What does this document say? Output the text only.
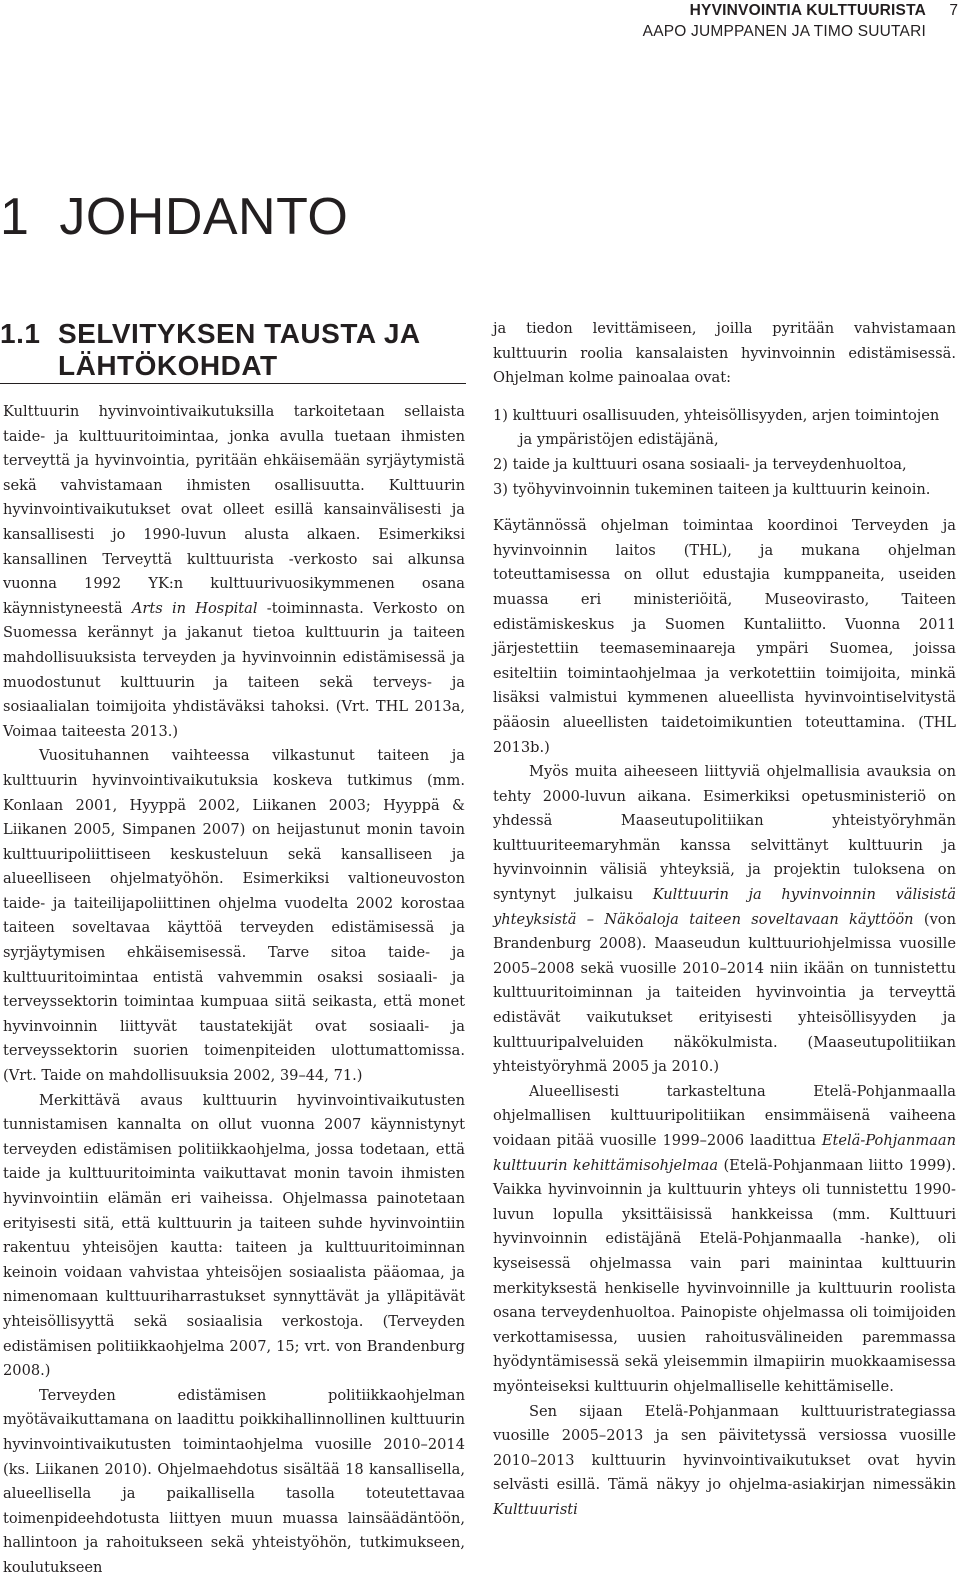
HYVINVOINTIA KULTTUURISTA
AAPO JUMPPANEN JA TIMO SUUTARI
7
1  JOHDANTO
1.1 SELVITYKSEN TAUSTA JA
LÄHTÖKOHDAT

Kulttuurin hyvinvointivaikutuksilla tarkoitetaan sellaista taide- ja kulttuuritoimintaa, jonka avulla tuetaan ihmisten terveyttä ja hyvinvointia, pyritään ehkäisemään syrjäytymistä sekä vahvistamaan ihmisten osallisuutta. Kulttuurin hyvinvointivaikutukset ovat olleet esillä kansainvälisesti ja kansallisesti jo 1990-luvun alusta alkaen. Esimerkiksi kansallinen Terveyttä kulttuurista -verkosto sai alkunsa vuonna 1992 YK:n kulttuurivuosikymmenen osana käynnistyneestä Arts in Hospital -toiminnasta. Verkosto on Suomessa kerännyt ja jakanut tietoa kulttuurin ja taiteen mahdollisuuksista terveyden ja hyvinvoinnin edistämisessä ja muodostunut kulttuurin ja taiteen sekä terveys- ja sosiaalialan toimijoita yhdistäväksi tahoksi. (Vrt. THL 2013a, Voimaa taiteesta 2013.)

Vuosituhannen vaihteessa vilkastunut taiteen ja kulttuurin hyvinvointivaikutuksia koskeva tutkimus (mm. Konlaan 2001, Hyyppä 2002, Liikanen 2003; Hyyppä & Liikanen 2005, Simpanen 2007) on heijastunut monin tavoin kulttuuripoliittiseen keskusteluun sekä kansalliseen ja alueelliseen ohjelmatyöhön. Esimerkiksi valtioneuvoston taide- ja taiteilijapoliittinen ohjelma vuodelta 2002 korostaa taiteen soveltavaa käyttöä terveyden edistämisessä ja syrjäytymisen ehkäisemisessä. Tarve sitoa taide- ja kulttuuritoimintaa entistä vahvemmin osaksi sosiaali- ja terveyssektorin toimintaa kumpuaa siitä seikasta, että monet hyvinvoinnin liittyvät taustatekijät ovat sosiaali- ja terveyssektorin suorien toimenpiteiden ulottumattomissa. (Vrt. Taide on mahdollisuuksia 2002, 39–44, 71.)

Merkittävä avaus kulttuurin hyvinvointivaikutusten tunnistamisen kannalta on ollut vuonna 2007 käynnistynyt terveyden edistämisen politiikkaohjelma, jossa todetaan, että taide ja kulttuuritoiminta vaikuttavat monin tavoin ihmisten hyvinvointiin elämän eri vaiheissa. Ohjelmassa painotetaan erityisesti sitä, että kulttuurin ja taiteen suhde hyvinvointiin rakentuu yhteisöjen kautta: taiteen ja kulttuuritoiminnan keinoin voidaan vahvistaa yhteisöjen sosiaalista pääomaa, ja nimenomaan kulttuuriharrastukset synnyttävät ja ylläpitävät yhteisöllisyyttä sekä sosiaalisia verkostoja. (Terveyden edistämisen politiikkaohjelma 2007, 15; vrt. von Brandenburg 2008.)

Terveyden edistämisen politiikkaohjelman myötävaikuttamana on laadittu poikkihallinnollinen kulttuurin hyvinvointivaikutusten toimintaohjelma vuosille 2010–2014 (ks. Liikanen 2010). Ohjelmaehdotus sisältää 18 kansallisella, alueellisella ja paikallisella tasolla toteutettavaa toimenpideehdotusta liittyen muun muassa lainsäädäntöön, hallintoon ja rahoitukseen sekä yhteistyöhön, tutkimukseen, koulutukseen

ja tiedon levittämiseen, joilla pyritään vahvistamaan kulttuurin roolia kansalaisten hyvinvoinnin edistämisessä. Ohjelman kolme painoalaa ovat:

1) kulttuuri osallisuuden, yhteisöllisyyden, arjen toimintojen ja ympäristöjen edistäjänä,
2) taide ja kulttuuri osana sosiaali- ja terveydenhuoltoa,
3) työhyvinvoinnin tukeminen taiteen ja kulttuurin keinoin.

Käytännössä ohjelman toimintaa koordinoi Terveyden ja hyvinvoinnin laitos (THL), ja mukana ohjelman toteuttamisessa on ollut edustajia kumppaneita, useiden muassa eri ministeriöitä, Museovirasto, Taiteen edistämiskeskus ja Suomen Kuntaliitto. Vuonna 2011 järjestettiin teemaseminaareja ympäri Suomea, joissa esiteltiin toimintaohjelmaa ja verkotettiin toimijoita, minkä lisäksi valmistui kymmenen alueellista hyvinvointiselvitystä pääosin alueellisten taidetoimikuntien toteuttamina. (THL 2013b.)

Myös muita aiheeseen liittyviä ohjelmallisia avauksia on tehty 2000-luvun aikana. Esimerkiksi opetusministeriö on yhdessä Maaseutupolitiikan yhteistyöryhmän kulttuuriteemaryhmän kanssa selvittänyt kulttuurin ja hyvinvoinnin välisiä yhteyksiä, ja projektin tuloksena on syntynyt julkaisu Kulttuurin ja hyvinvoinnin välisistä yhteyksistä – Näköaloja taiteen soveltavaan käyttöön (von Brandenburg 2008). Maaseudun kulttuuriohjelmissa vuosille 2005–2008 sekä vuosille 2010–2014 niin ikään on tunnistettu kulttuuritoiminnan ja taiteiden hyvinvointia ja terveyttä edistävät vaikutukset erityisesti yhteisöllisyyden ja kulttuuripalveluiden näkökulmista. (Maaseutupolitiikan yhteistyöryhmä 2005 ja 2010.)

Alueellisesti tarkasteltuna Etelä-Pohjanmaalla ohjelmallisen kulttuuripolitiikan ensimmäisenä vaiheena voidaan pitää vuosille 1999–2006 laadittua Etelä-Pohjanmaan kulttuurin kehittämisohjelmaa (Etelä-Pohjanmaan liitto 1999). Vaikka hyvinvoinnin ja kulttuurin yhteys oli tunnistettu 1990-luvun lopulla yksittäisissä hankkeissa (mm. Kulttuuri hyvinvoinnin edistäjänä Etelä-Pohjanmaalla -hanke), oli kyseisessä ohjelmassa vain pari mainintaa kulttuurin merkityksestä henkiselle hyvinvoinnille ja kulttuurin roolista osana terveydenhuoltoa. Painopiste ohjelmassa oli toimijoiden verkottamisessa, uusien rahoitusvälineiden paremmassa hyödyntämisessä sekä yleisemmin ilmapiirin muokkaamisessa myönteiseksi kulttuurin ohjelmalliselle kehittämiselle.

Sen sijaan Etelä-Pohjanmaan kulttuuristrategiassa vuosille 2005–2013 ja sen päivitetyssä versiossa vuosille 2010–2013 kulttuurin hyvinvointivaikutukset ovat hyvin selvästi esillä. Tämä näkyy jo ohjelma-asiakirjan nimessäkin Kulttuuristi
